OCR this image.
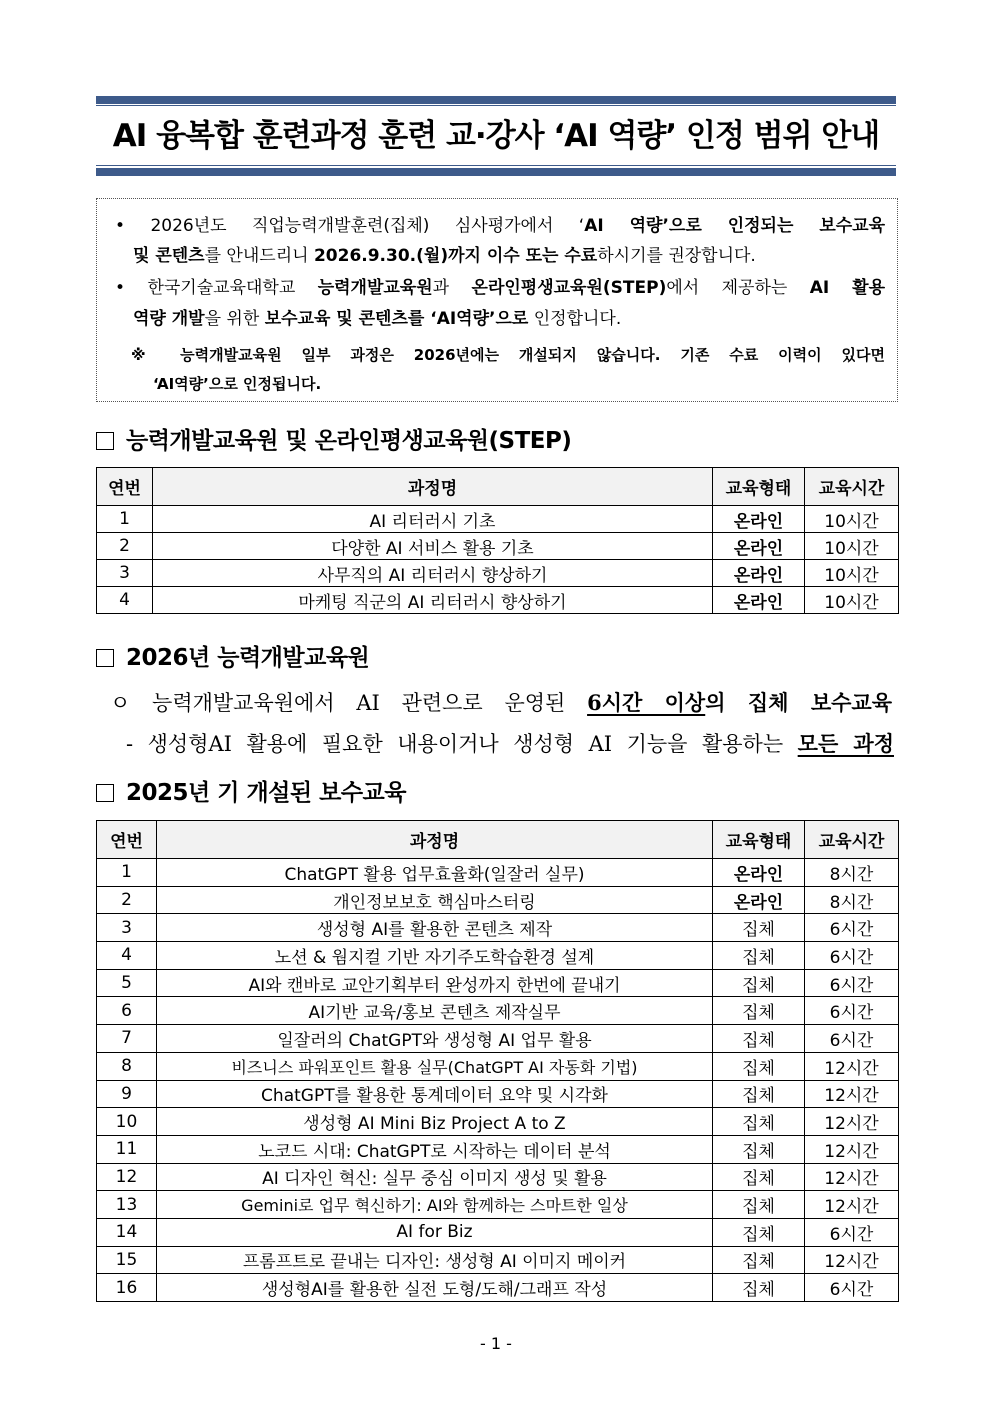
AI 융복합 훈련과정 훈련 교·강사 ‘AI 역량’ 인정 범위 안내
• 2026년도 직업능력개발훈련(집체) 심사평가에서 ‘AI 역량’으로 인정되는 보수교육
및 콘텐츠를 안내드리니 2026.9.30.(월)까지 이수 또는 수료하시기를 권장합니다.
• 한국기술교육대학교 능력개발교육원과 온라인평생교육원(STEP)에서 제공하는 AI 활용
역량 개발을 위한 보수교육 및 콘텐츠를 ‘AI역량’으로 인정합니다.
※ 능력개발교육원 일부 과정은 2026년에는 개설되지 않습니다. 기존 수료 이력이 있다면
‘AI역량’으로 인정됩니다.
능력개발교육원 및 온라인평생교육원(STEP)
연번	과정명	교육형태	교육시간
1	AI 리터러시 기초	온라인	10시간
2	다양한 AI 서비스 활용 기초	온라인	10시간
3	사무직의 AI 리터러시 향상하기	온라인	10시간
4	마케팅 직군의 AI 리터러시 향상하기	온라인	10시간
2026년 능력개발교육원
ㅇ 능력개발교육원에서 AI 관련으로 운영된 6시간 이상의 집체 보수교육
- 생성형AI 활용에 필요한 내용이거나 생성형 AI 기능을 활용하는 모든 과정
2025년 기 개설된 보수교육
연번	과정명	교육형태	교육시간
1	ChatGPT 활용 업무효율화(일잘러 실무)	온라인	8시간
2	개인정보보호 핵심마스터링	온라인	8시간
3	생성형 AI를 활용한 콘텐츠 제작	집체	6시간
4	노션 & 웜지컬 기반 자기주도학습환경 설계	집체	6시간
5	AI와 캔바로 교안기획부터 완성까지 한번에 끝내기	집체	6시간
6	AI기반 교육/홍보 콘텐츠 제작실무	집체	6시간
7	일잘러의 ChatGPT와 생성형 AI 업무 활용	집체	6시간
8	비즈니스 파워포인트 활용 실무(ChatGPT AI 자동화 기법)	집체	12시간
9	ChatGPT를 활용한 통계데이터 요약 및 시각화	집체	12시간
10	생성형 AI Mini Biz Project A to Z	집체	12시간
11	노코드 시대: ChatGPT로 시작하는 데이터 분석	집체	12시간
12	AI 디자인 혁신: 실무 중심 이미지 생성 및 활용	집체	12시간
13	Gemini로 업무 혁신하기: AI와 함께하는 스마트한 일상	집체	12시간
14	AI for Biz	집체	6시간
15	프롬프트로 끝내는 디자인: 생성형 AI 이미지 메이커	집체	12시간
16	생성형AI를 활용한 실전 도형/도해/그래프 작성	집체	6시간
- 1 -
